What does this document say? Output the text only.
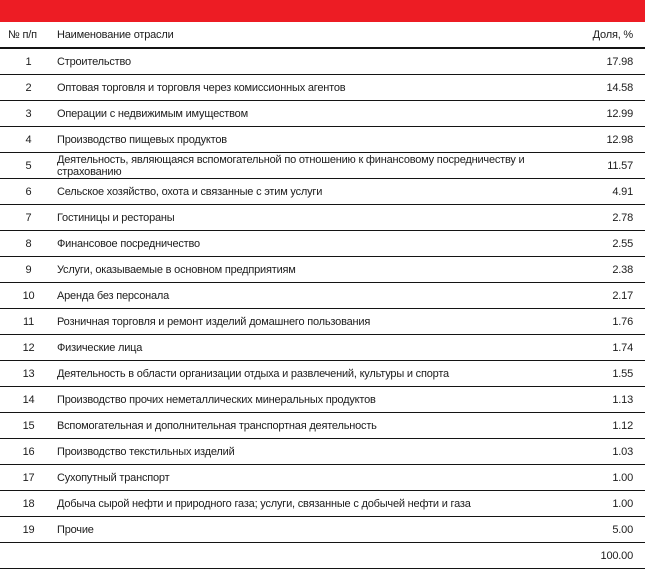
№ п/п	Наименование отрасли	Доля, %
1	Строительство	17.98
2	Оптовая торговля и торговля через комиссионных агентов	14.58
3	Операции с недвижимым имуществом	12.99
4	Производство пищевых продуктов	12.98
5	Деятельность, являющаяся вспомогательной по отношению к финансовому посредничеству и страхованию	11.57
6	Сельское хозяйство, охота и связанные с этим услуги	4.91
7	Гостиницы и рестораны	2.78
8	Финансовое посредничество	2.55
9	Услуги, оказываемые в основном предприятиям	2.38
10	Аренда без персонала	2.17
11	Розничная торговля и ремонт изделий домашнего пользования	1.76
12	Физические лица	1.74
13	Деятельность в области организации отдыха и развлечений, культуры и спорта	1.55
14	Производство прочих неметаллических минеральных продуктов	1.13
15	Вспомогательная и дополнительная транспортная деятельность	1.12
16	Производство текстильных изделий	1.03
17	Сухопутный транспорт	1.00
18	Добыча сырой нефти и природного газа; услуги, связанные с добычей нефти и газа	1.00
19	Прочие	5.00
		100.00
